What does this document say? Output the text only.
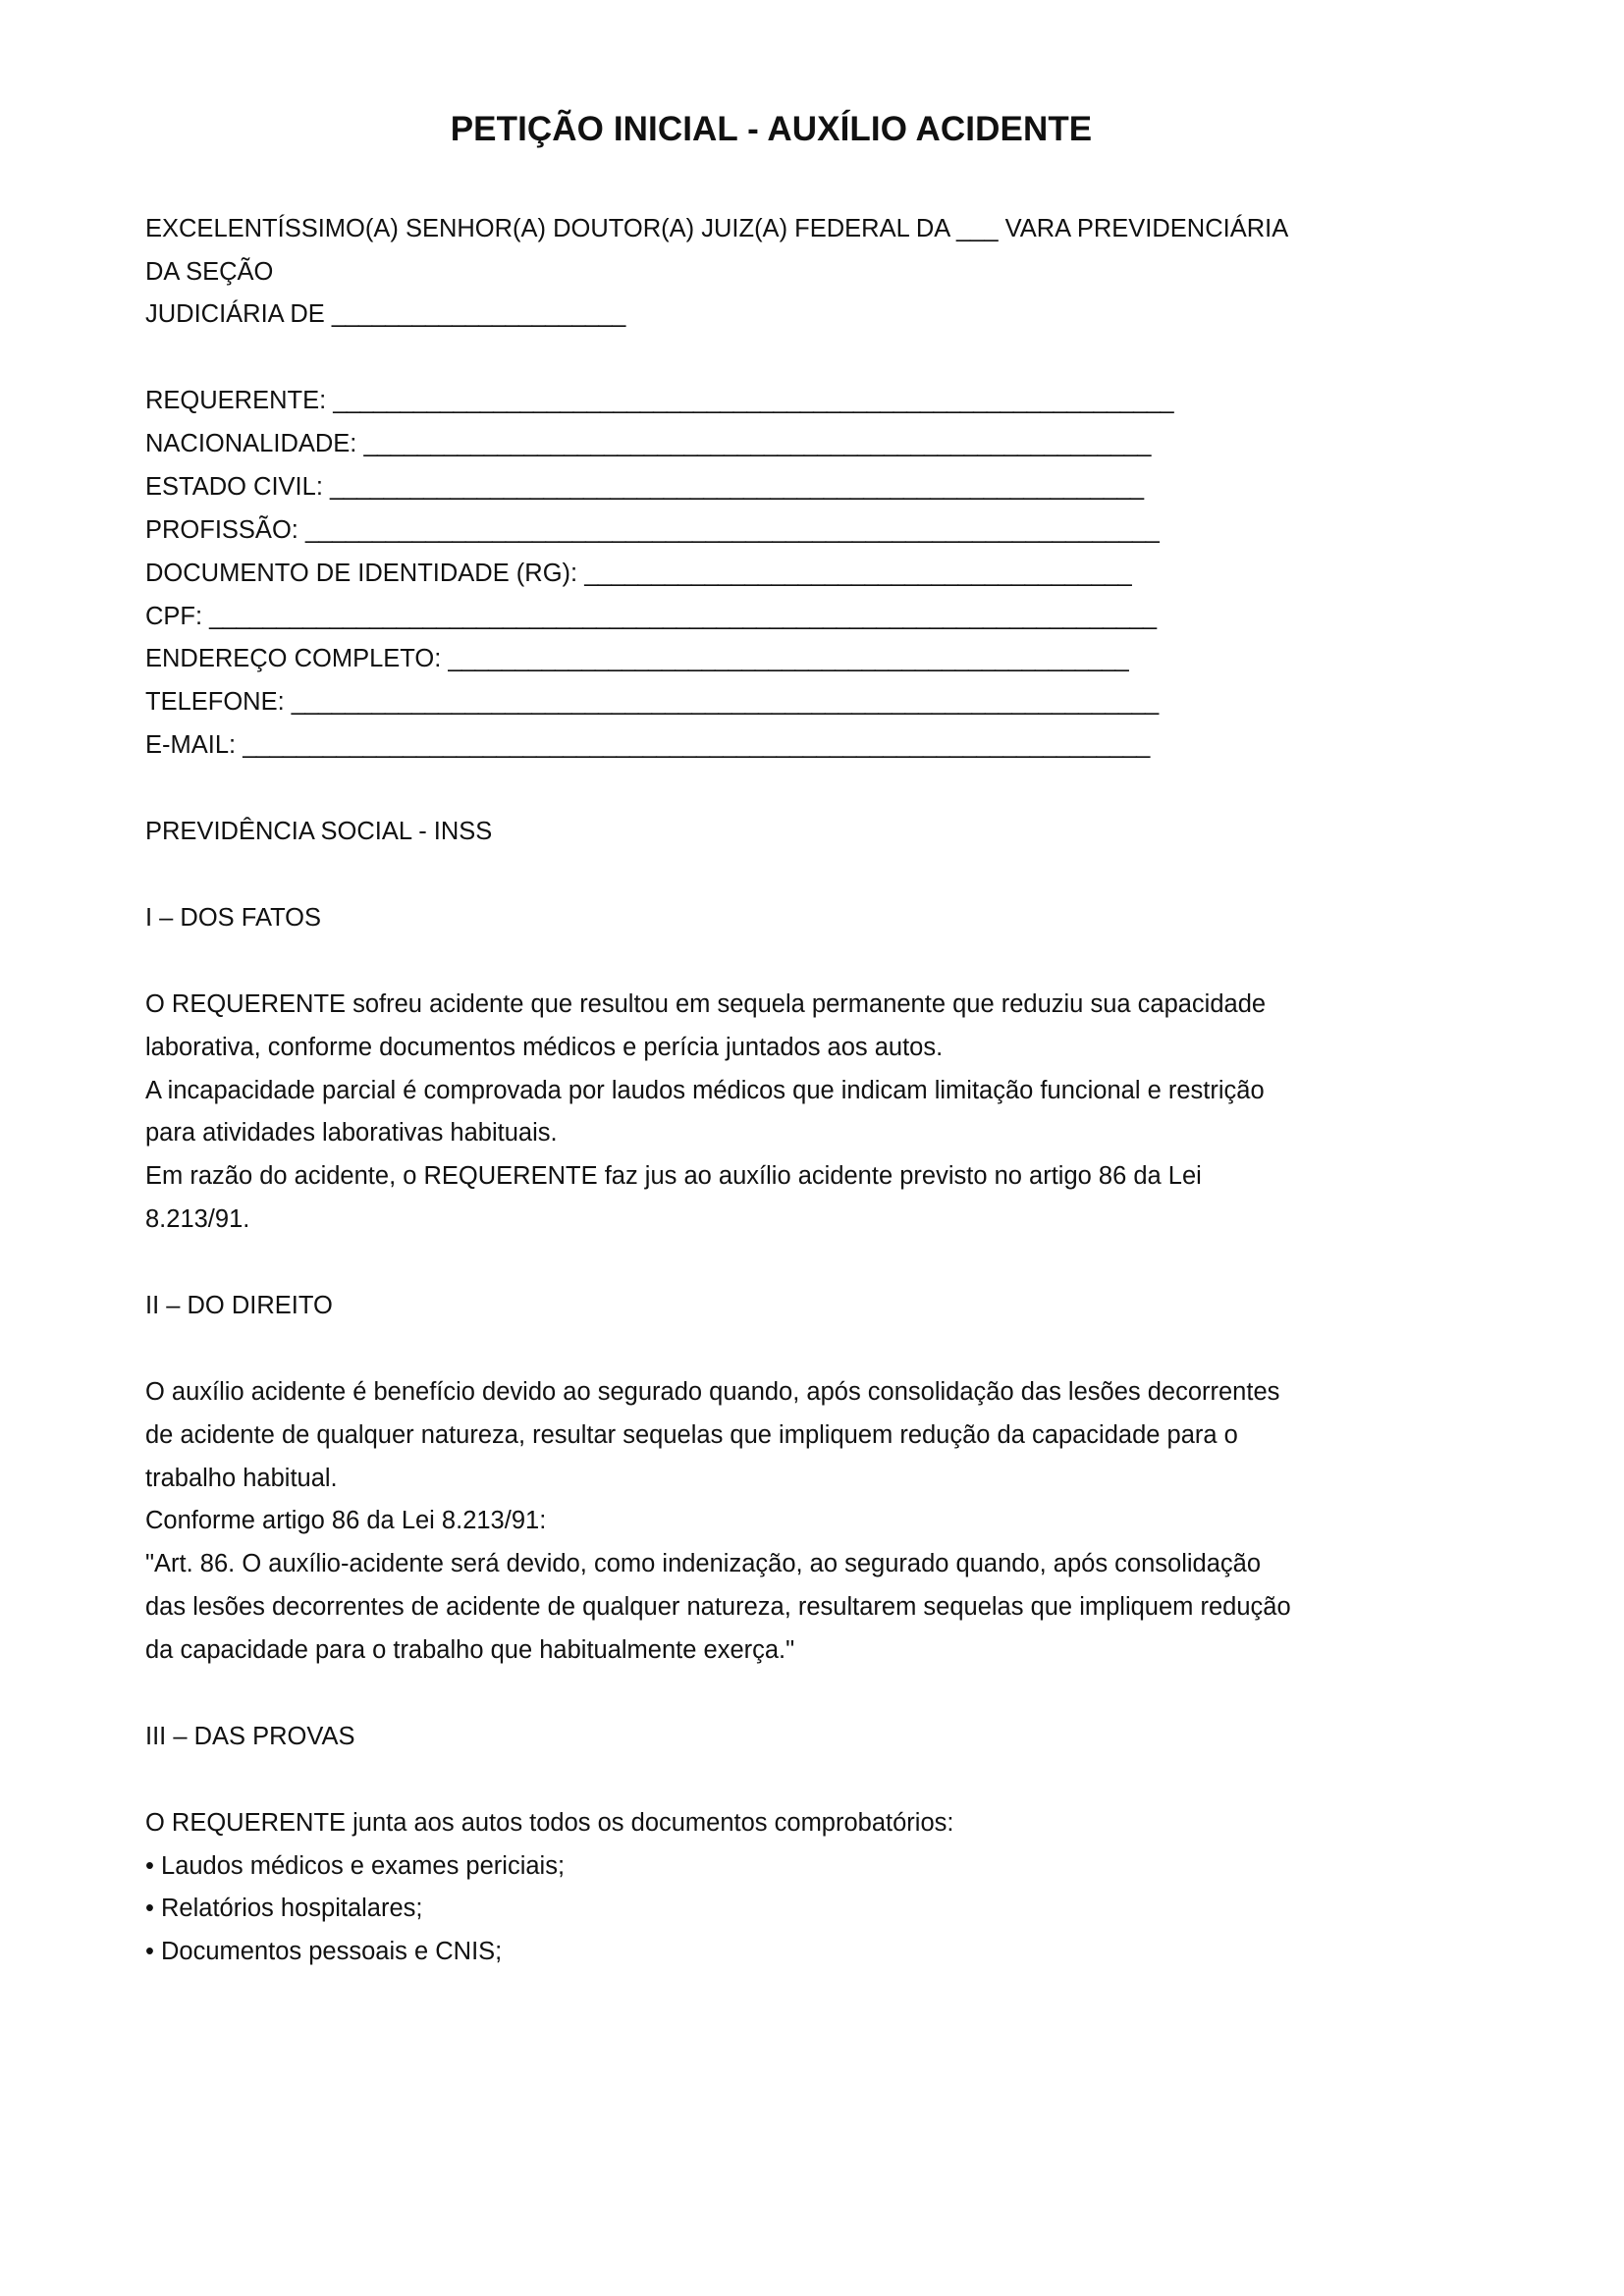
PETIÇÃO INICIAL - AUXÍLIO ACIDENTE

EXCELENTÍSSIMO(A) SENHOR(A) DOUTOR(A) JUIZ(A) FEDERAL DA ___ VARA PREVIDENCIÁRIA DA SEÇÃO

JUDICIÁRIA DE ______________________

REQUERENTE: _______________________________________________________________

NACIONALIDADE: ___________________________________________________________

ESTADO CIVIL: _____________________________________________________________

PROFISSÃO: ________________________________________________________________

DOCUMENTO DE IDENTIDADE (RG): _________________________________________

CPF: _______________________________________________________________________

ENDEREÇO COMPLETO: ___________________________________________________

TELEFONE: _________________________________________________________________

E-MAIL: ____________________________________________________________________

PREVIDÊNCIA SOCIAL - INSS

I – DOS FATOS

O REQUERENTE sofreu acidente que resultou em sequela permanente que reduziu sua capacidade laborativa, conforme documentos médicos e perícia juntados aos autos.

A incapacidade parcial é comprovada por laudos médicos que indicam limitação funcional e restrição para atividades laborativas habituais.

Em razão do acidente, o REQUERENTE faz jus ao auxílio acidente previsto no artigo 86 da Lei 8.213/91.

II – DO DIREITO

O auxílio acidente é benefício devido ao segurado quando, após consolidação das lesões decorrentes de acidente de qualquer natureza, resultar sequelas que impliquem redução da capacidade para o trabalho habitual.

Conforme artigo 86 da Lei 8.213/91:

"Art. 86. O auxílio-acidente será devido, como indenização, ao segurado quando, após consolidação das lesões decorrentes de acidente de qualquer natureza, resultarem sequelas que impliquem redução da capacidade para o trabalho que habitualmente exerça."

III – DAS PROVAS

O REQUERENTE junta aos autos todos os documentos comprobatórios:

• Laudos médicos e exames periciais;

• Relatórios hospitalares;

• Documentos pessoais e CNIS;
